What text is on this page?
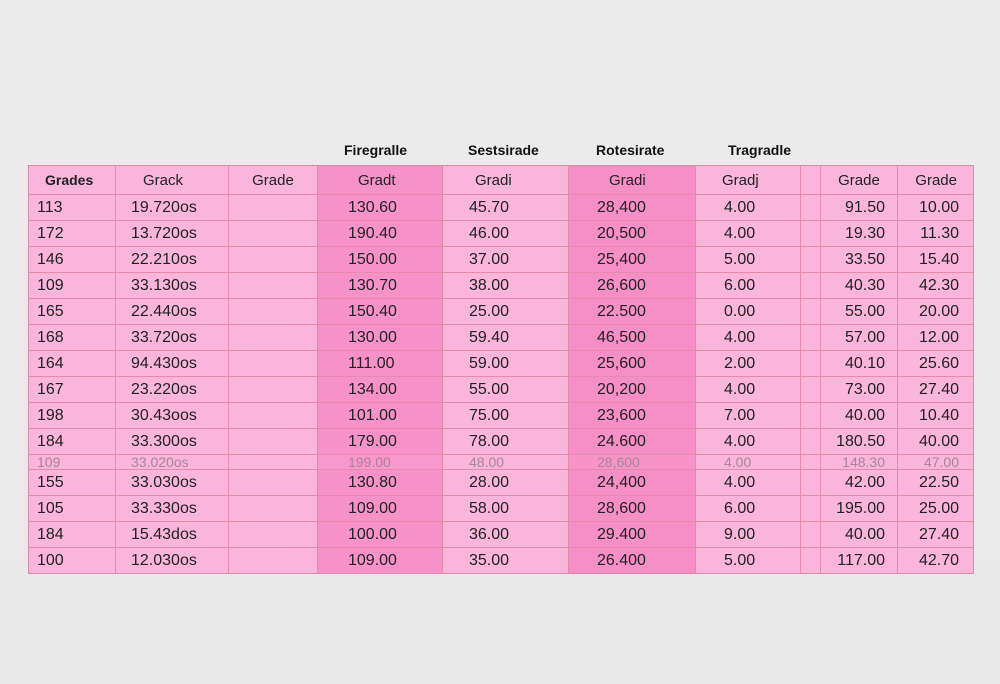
Firegralle	Sestsirade	Rotesirate	Tragradle
Grades	Grack	Grade	Gradt	Gradi	Gradi	Gradj		Grade	Grade
113	19.720os		130.60	45.70	28,400	4.00		91.50	10.00
172	13.720os		190.40	46.00	20,500	4.00		19.30	11.30
146	22.210os		150.00	37.00	25,400	5.00		33.50	15.40
109	33.130os		130.70	38.00	26,600	6.00		40.30	42.30
165	22.440os		150.40	25.00	22.500	0.00		55.00	20.00
168	33.720os		130.00	59.40	46,500	4.00		57.00	12.00
164	94.430os		111.00	59.00	25,600	2.00		40.10	25.60
167	23.220os		134.00	55.00	20,200	4.00		73.00	27.40
198	30.43oos		101.00	75.00	23,600	7.00		40.00	10.40
184	33.300os		179.00	78.00	24.600	4.00		180.50	40.00
109	33.020os		199.00	48.00	28,600	4.00		148.30	47.00
155	33.030os		130.80	28.00	24,400	4.00		42.00	22.50
105	33.330os		109.00	58.00	28,600	6.00		195.00	25.00
184	15.43dos		100.00	36.00	29.400	9.00		40.00	27.40
100	12.030os		109.00	35.00	26.400	5.00		117.00	42.70
